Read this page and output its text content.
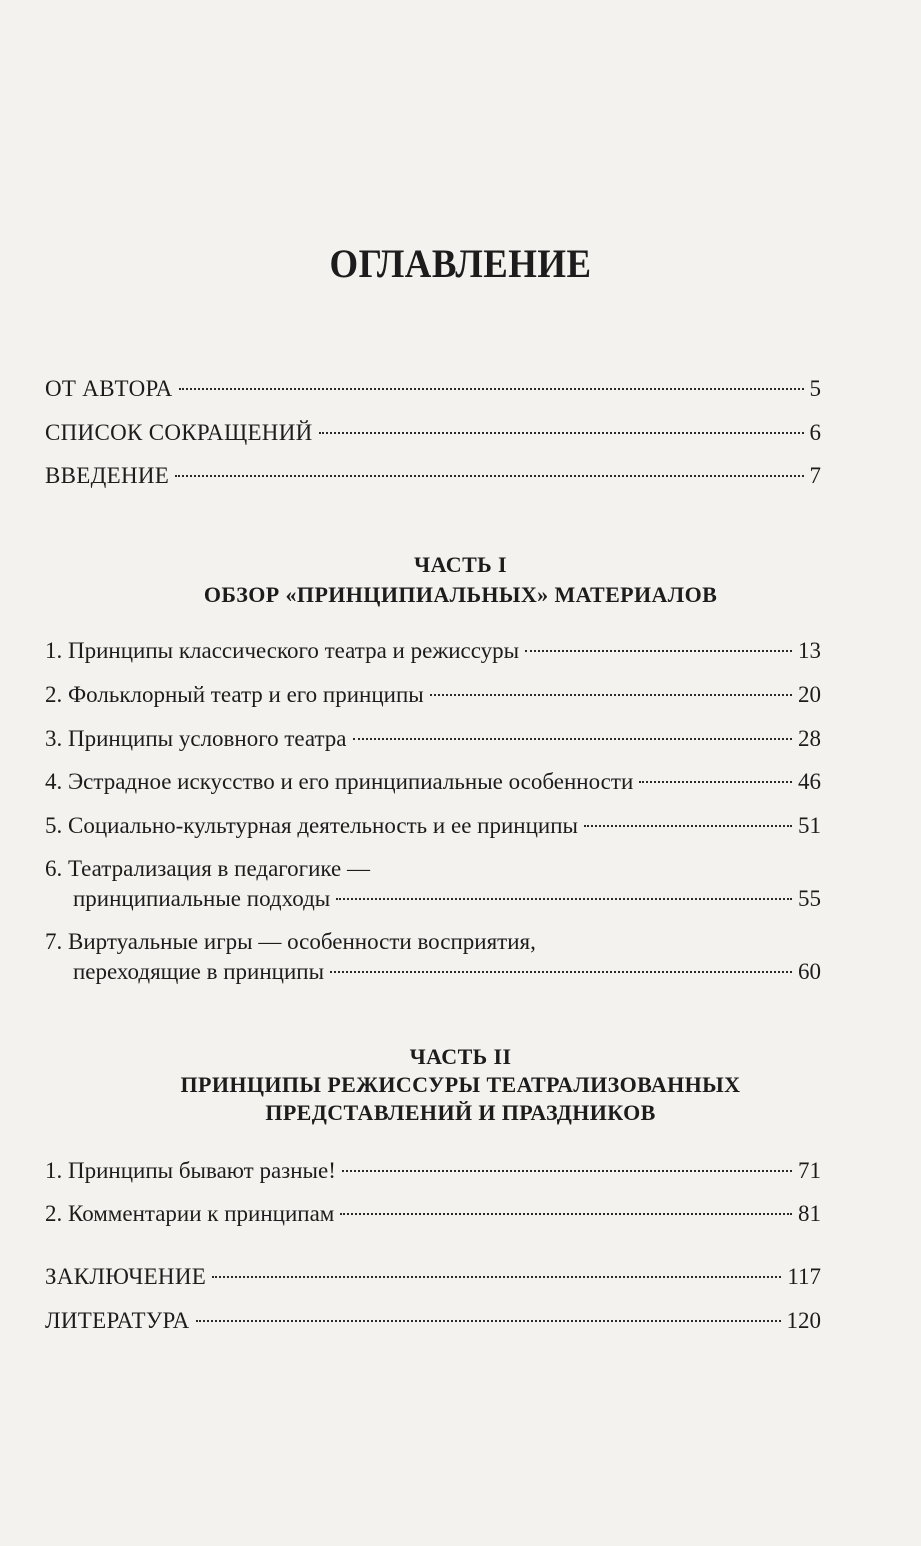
ОГЛАВЛЕНИЕ
ОТ АВТОРА	5
СПИСОК СОКРАЩЕНИЙ	6
ВВЕДЕНИЕ	7
ЧАСТЬ I
ОБЗОР «ПРИНЦИПИАЛЬНЫХ» МАТЕРИАЛОВ
1. Принципы классического театра и режиссуры	13
2. Фольклорный театр и его принципы	20
3. Принципы условного театра	28
4. Эстрадное искусство и его принципиальные особенности	46
5. Социально-культурная деятельность и ее принципы	51
6. Театрализация в педагогике —
принципиальные подходы	55
7. Виртуальные игры — особенности восприятия,
переходящие в принципы	60
ЧАСТЬ II
ПРИНЦИПЫ РЕЖИССУРЫ ТЕАТРАЛИЗОВАННЫХ
ПРЕДСТАВЛЕНИЙ И ПРАЗДНИКОВ
1. Принципы бывают разные!	71
2. Комментарии к принципам	81
ЗАКЛЮЧЕНИЕ	117
ЛИТЕРАТУРА	120
